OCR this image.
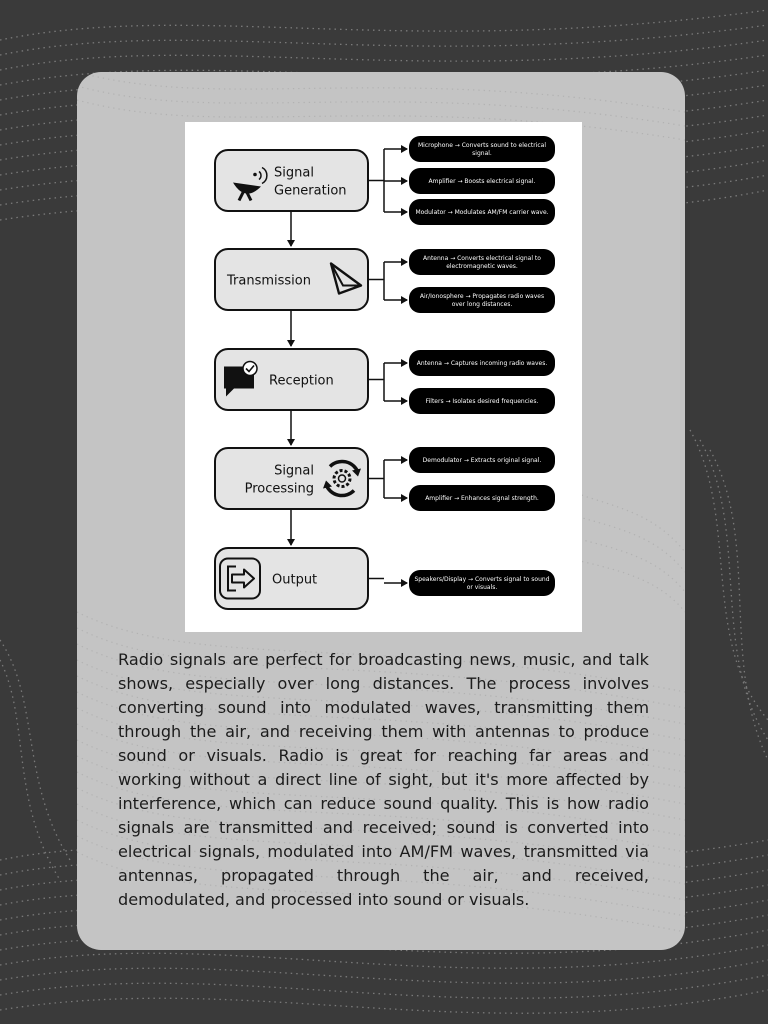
Signal
Generation
Microphone → Converts sound to electrical
signal.
Amplifier → Boosts electrical signal.
Modulator → Modulates AM/FM carrier wave.
Transmission
Antenna → Converts electrical signal to
electromagnetic waves.
Air/Ionosphere → Propagates radio waves
over long distances.
Reception
Antenna → Captures incoming radio waves.
Filters → Isolates desired frequencies.
Signal
Processing
Demodulator → Extracts original signal.
Amplifier → Enhances signal strength.
Output	Speakers/Display → Converts signal to sound
or visuals.

Radio signals are perfect for broadcasting news, music, and talk shows, especially over long distances. The process involves converting sound into modulated waves, transmitting them through the air, and receiving them with antennas to produce sound or visuals. Radio is great for reaching far areas and working without a direct line of sight, but it's more affected by interference, which can reduce sound quality. This is how radio signals are transmitted and received; sound is converted into electrical signals, modulated into AM/FM waves, transmitted via antennas, propagated through the air, and received, demodulated, and processed into sound or visuals.
